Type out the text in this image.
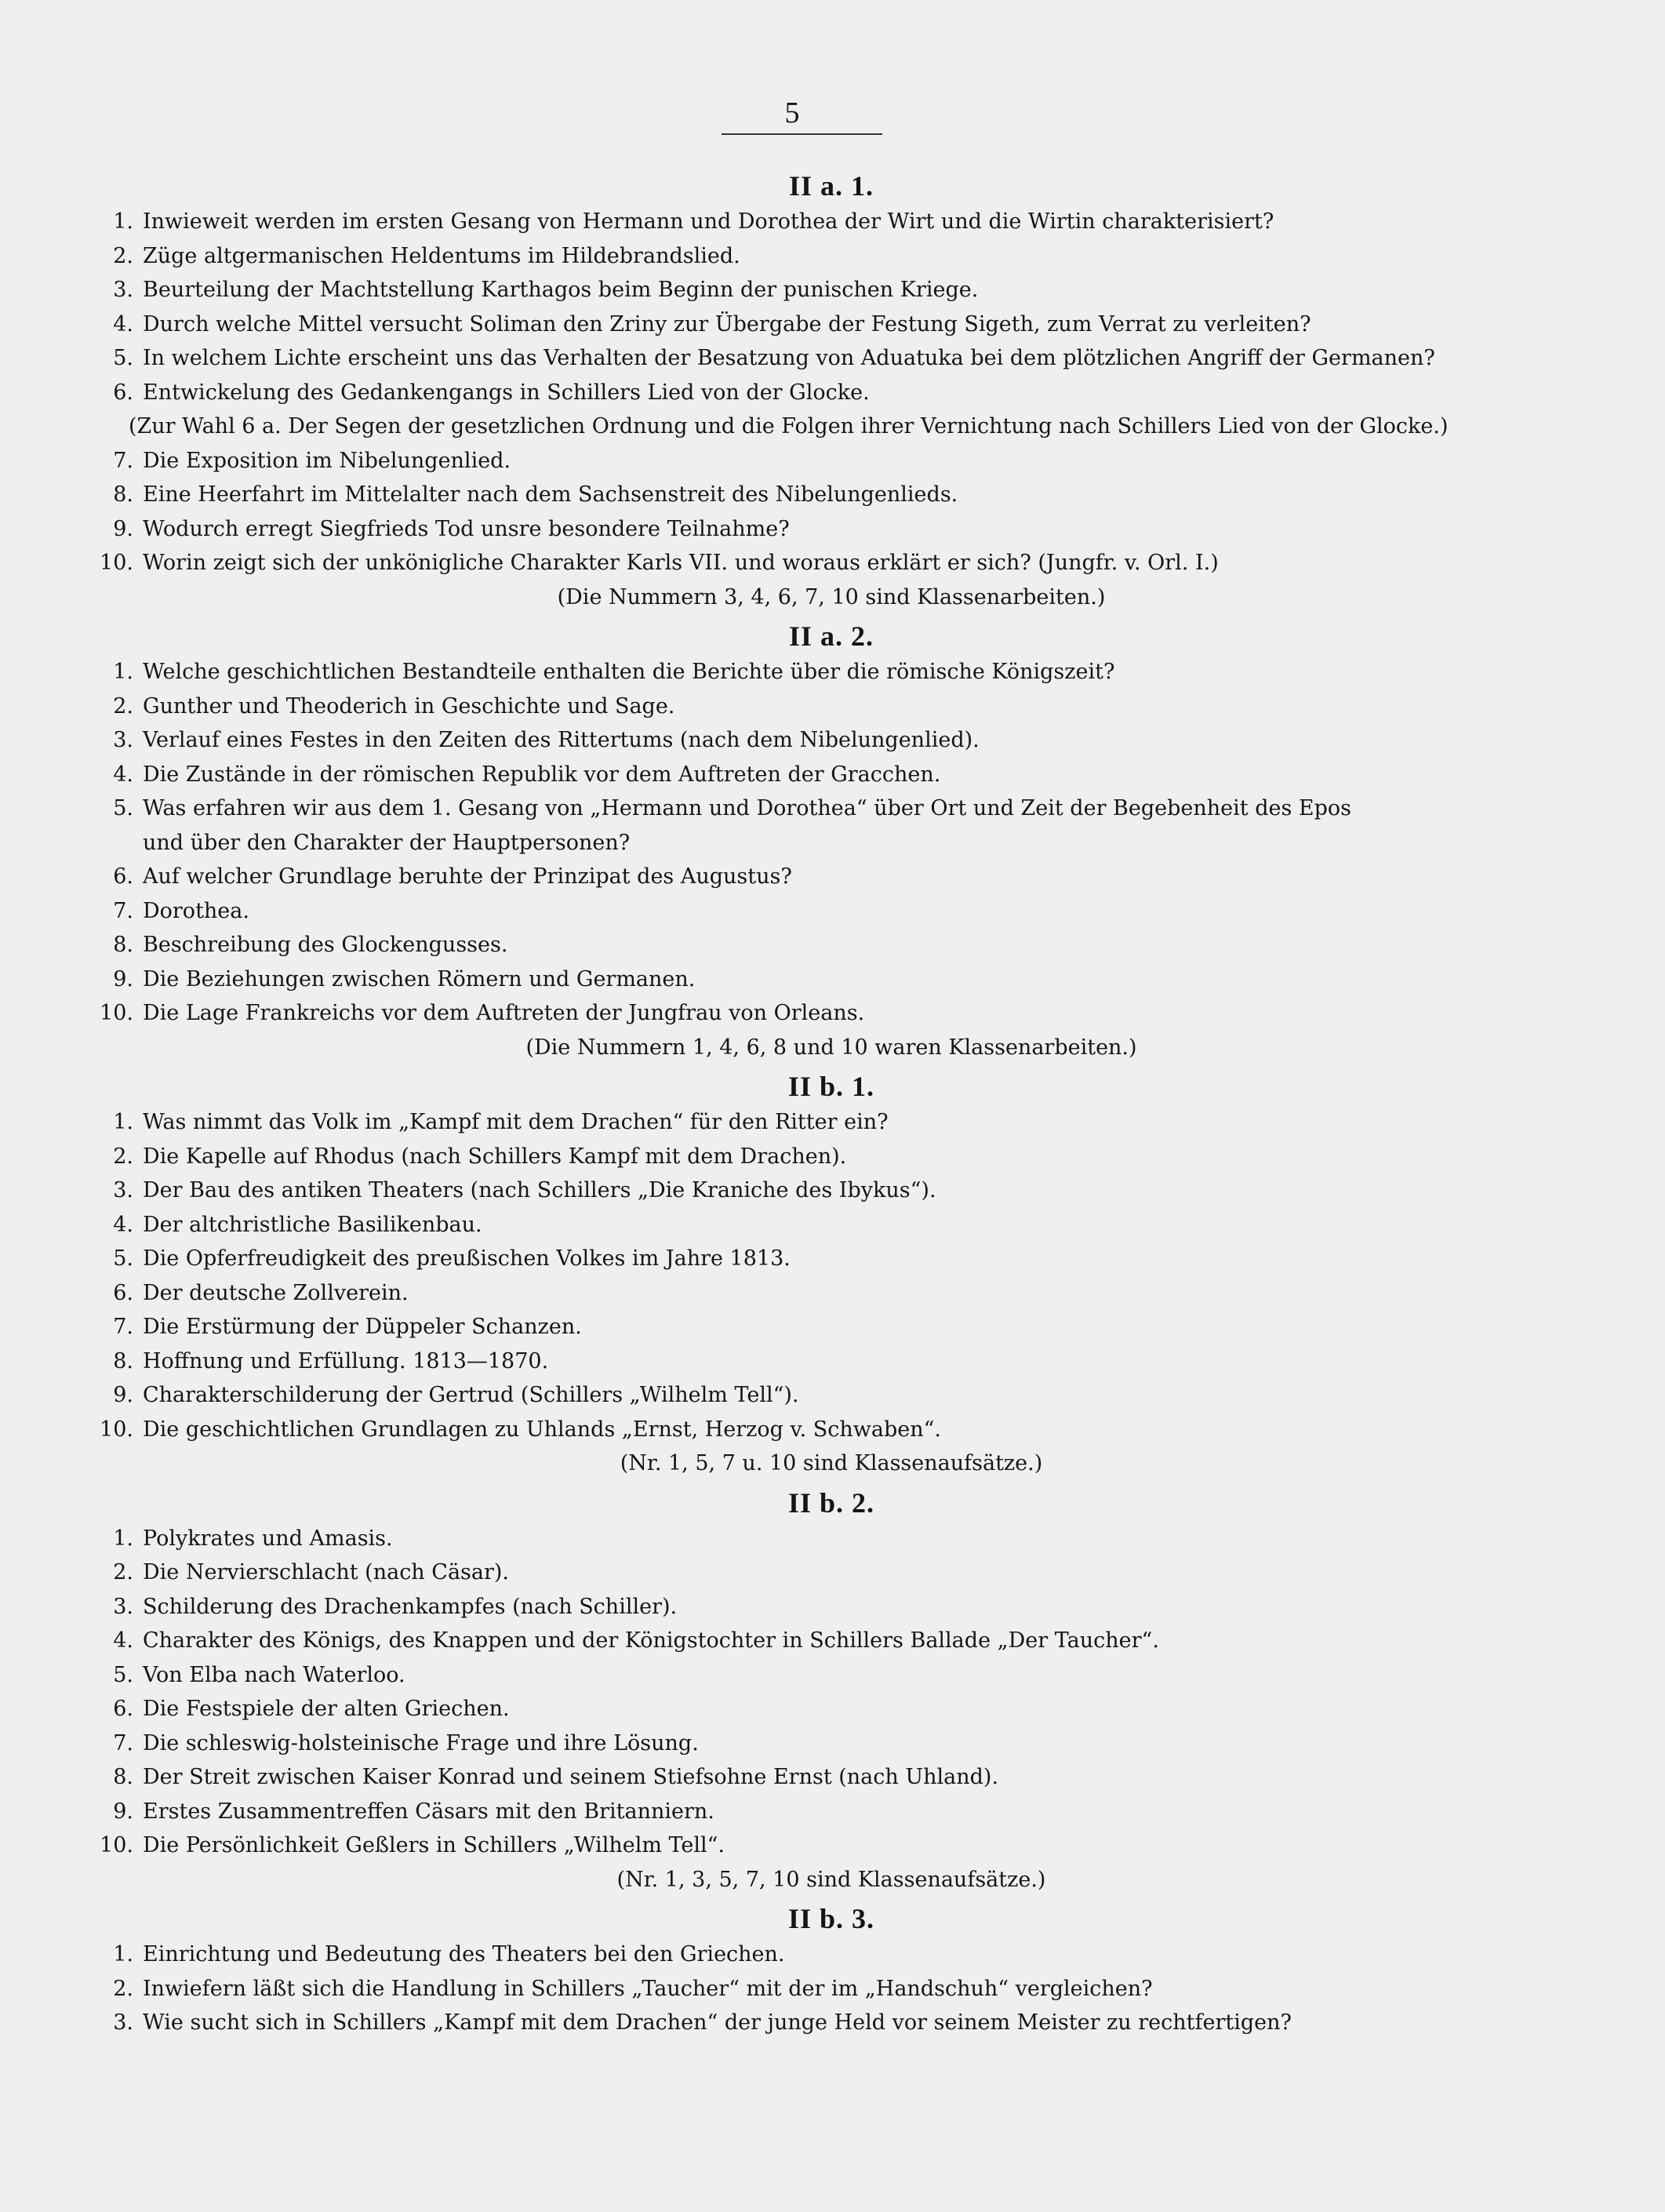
5
II a. 1.
1. Inwieweit werden im ersten Gesang von Hermann und Dorothea der Wirt und die Wirtin charakterisiert?
2. Züge altgermanischen Heldentums im Hildebrandslied.
3. Beurteilung der Machtstellung Karthagos beim Beginn der punischen Kriege.
4. Durch welche Mittel versucht Soliman den Zriny zur Übergabe der Festung Sigeth, zum Verrat zu verleiten?
5. In welchem Lichte erscheint uns das Verhalten der Besatzung von Aduatuka bei dem plötzlichen Angriff der Germanen?
6. Entwickelung des Gedankengangs in Schillers Lied von der Glocke.
(Zur Wahl 6 a. Der Segen der gesetzlichen Ordnung und die Folgen ihrer Vernichtung nach Schillers Lied von der Glocke.)
7. Die Exposition im Nibelungenlied.
8. Eine Heerfahrt im Mittelalter nach dem Sachsenstreit des Nibelungenlieds.
9. Wodurch erregt Siegfrieds Tod unsre besondere Teilnahme?
10. Worin zeigt sich der unkönigliche Charakter Karls VII. und woraus erklärt er sich? (Jungfr. v. Orl. I.)
(Die Nummern 3, 4, 6, 7, 10 sind Klassenarbeiten.)
II a. 2.
1. Welche geschichtlichen Bestandteile enthalten die Berichte über die römische Königszeit?
2. Gunther und Theoderich in Geschichte und Sage.
3. Verlauf eines Festes in den Zeiten des Rittertums (nach dem Nibelungenlied).
4. Die Zustände in der römischen Republik vor dem Auftreten der Gracchen.
5. Was erfahren wir aus dem 1. Gesang von „Hermann und Dorothea“ über Ort und Zeit der Begebenheit des Epos
und über den Charakter der Hauptpersonen?
6. Auf welcher Grundlage beruhte der Prinzipat des Augustus?
7. Dorothea.
8. Beschreibung des Glockengusses.
9. Die Beziehungen zwischen Römern und Germanen.
10. Die Lage Frankreichs vor dem Auftreten der Jungfrau von Orleans.
(Die Nummern 1, 4, 6, 8 und 10 waren Klassenarbeiten.)
II b. 1.
1. Was nimmt das Volk im „Kampf mit dem Drachen“ für den Ritter ein?
2. Die Kapelle auf Rhodus (nach Schillers Kampf mit dem Drachen).
3. Der Bau des antiken Theaters (nach Schillers „Die Kraniche des Ibykus“).
4. Der altchristliche Basilikenbau.
5. Die Opferfreudigkeit des preußischen Volkes im Jahre 1813.
6. Der deutsche Zollverein.
7. Die Erstürmung der Düppeler Schanzen.
8. Hoffnung und Erfüllung. 1813—1870.
9. Charakterschilderung der Gertrud (Schillers „Wilhelm Tell“).
10. Die geschichtlichen Grundlagen zu Uhlands „Ernst, Herzog v. Schwaben“.
(Nr. 1, 5, 7 u. 10 sind Klassenaufsätze.)
II b. 2.
1. Polykrates und Amasis.
2. Die Nervierschlacht (nach Cäsar).
3. Schilderung des Drachenkampfes (nach Schiller).
4. Charakter des Königs, des Knappen und der Königstochter in Schillers Ballade „Der Taucher“.
5. Von Elba nach Waterloo.
6. Die Festspiele der alten Griechen.
7. Die schleswig-holsteinische Frage und ihre Lösung.
8. Der Streit zwischen Kaiser Konrad und seinem Stiefsohne Ernst (nach Uhland).
9. Erstes Zusammentreffen Cäsars mit den Britanniern.
10. Die Persönlichkeit Geßlers in Schillers „Wilhelm Tell“.
(Nr. 1, 3, 5, 7, 10 sind Klassenaufsätze.)
II b. 3.
1. Einrichtung und Bedeutung des Theaters bei den Griechen.
2. Inwiefern läßt sich die Handlung in Schillers „Taucher“ mit der im „Handschuh“ vergleichen?
3. Wie sucht sich in Schillers „Kampf mit dem Drachen“ der junge Held vor seinem Meister zu rechtfertigen?
